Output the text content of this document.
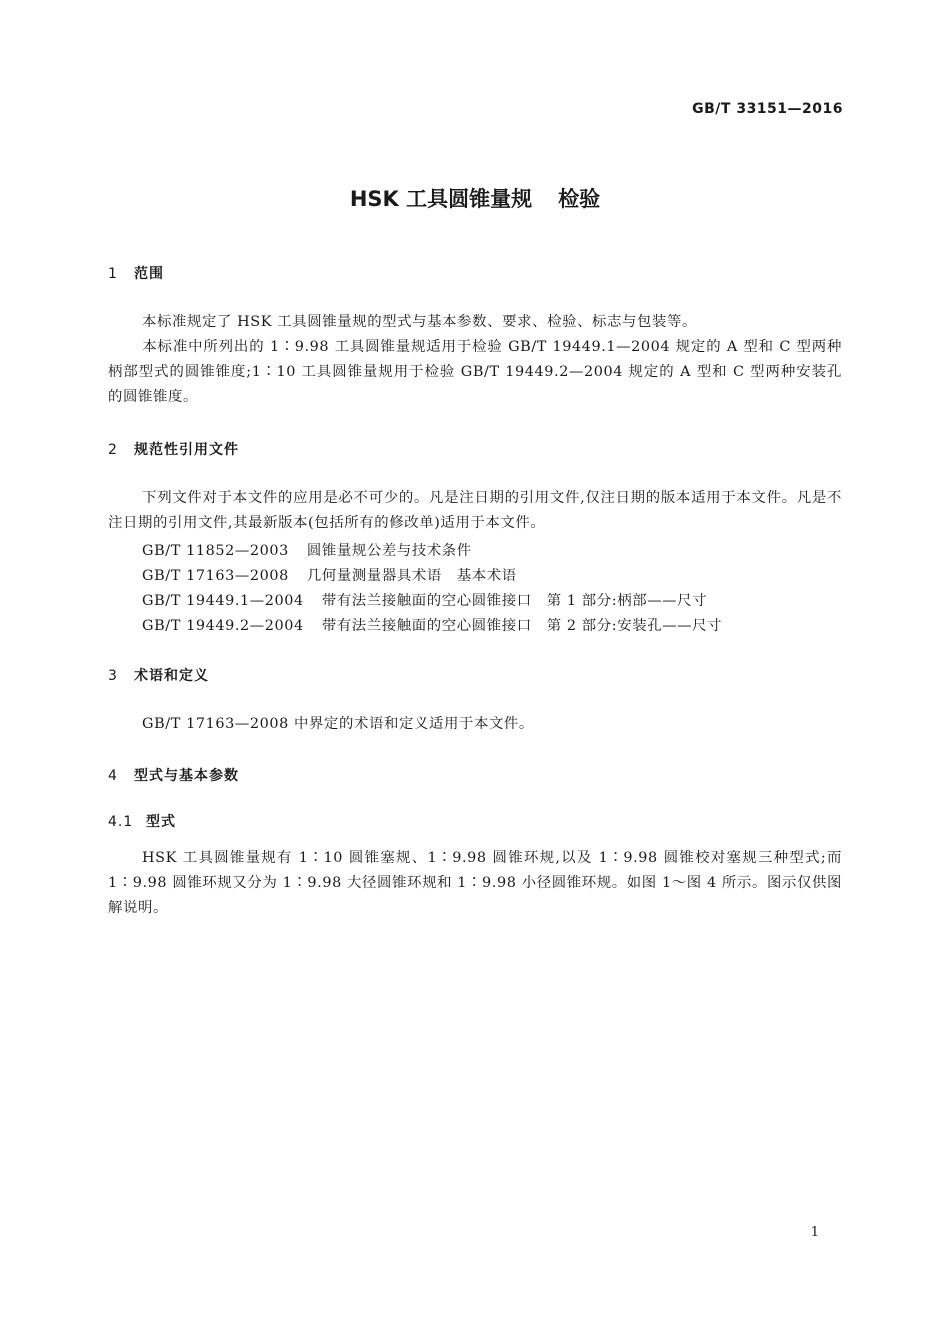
GB/T 33151—2016
HSK 工具圆锥量规 检验
1 范围
本标准规定了 HSK 工具圆锥量规的型式与基本参数、要求、检验、标志与包装等。
本标准中所列出的 1∶9.98 工具圆锥量规适用于检验 GB/T 19449.1—2004 规定的 A 型和 C 型两种柄部型式的圆锥锥度;1∶10 工具圆锥量规用于检验 GB/T 19449.2—2004 规定的 A 型和 C 型两种安装孔的圆锥锥度。
2 规范性引用文件
下列文件对于本文件的应用是必不可少的。凡是注日期的引用文件,仅注日期的版本适用于本文件。凡是不注日期的引用文件,其最新版本(包括所有的修改单)适用于本文件。
GB/T 11852—2003 圆锥量规公差与技术条件
GB/T 17163—2008 几何量测量器具术语　基本术语
GB/T 19449.1—2004 带有法兰接触面的空心圆锥接口　第 1 部分:柄部——尺寸
GB/T 19449.2—2004 带有法兰接触面的空心圆锥接口　第 2 部分:安装孔——尺寸
3 术语和定义
GB/T 17163—2008 中界定的术语和定义适用于本文件。
4 型式与基本参数
4.1 型式
HSK 工具圆锥量规有 1∶10 圆锥塞规、1∶9.98 圆锥环规,以及 1∶9.98 圆锥校对塞规三种型式;而 1∶9.98 圆锥环规又分为 1∶9.98 大径圆锥环规和 1∶9.98 小径圆锥环规。如图 1～图 4 所示。图示仅供图解说明。
1
